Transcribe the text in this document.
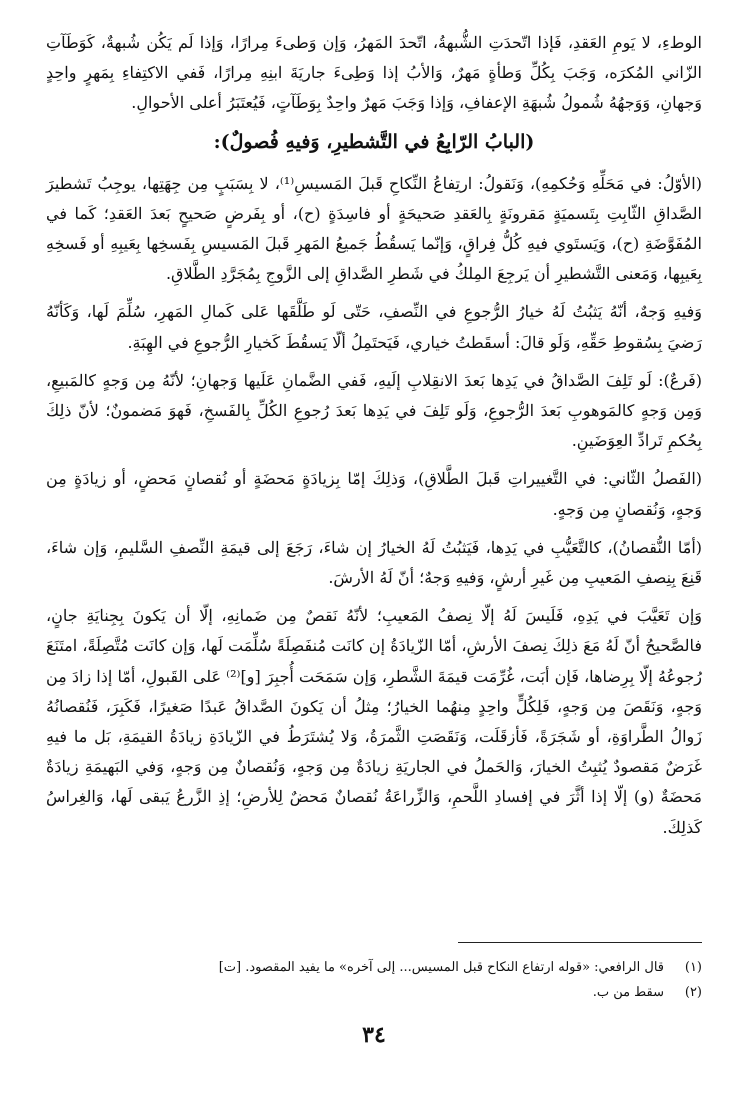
الوطءِ، لا يَومِ العَقدِ، فَإذا اتّحدَتِ الشُّبهةُ، اتّحدَ المَهرُ، وَإن وَطىءَ مِرارًا، وَإذا لَم يَكُن شُبهةٌ، كَوَطَآتِ الزّاني المُكرَه، وَجَبَ بِكُلِّ وَطأةٍ مَهرٌ، وَالأبُ إذا وَطِىءَ جاريَةَ ابنِهِ مِرارًا، فَفي الاكتِفاءِ بِمَهرٍ واحِدٍ وَجهانِ، وَوَجهُهُ شُمولُ شُبهَةِ الإعفافِ، وَإذا وَجَبَ مَهرٌ واحِدٌ بِوَطَآتٍ، فَيُعتَبَرُ أعلى الأحوالِ.

(البابُ الرّابِعُ في التَّشطيرِ، وَفيهِ فُصولٌ):

(الأوّلُ: في مَحَلِّهِ وَحُكمِهِ)، وَنَقولُ: ارتِفاعُ النِّكاحِ قَبلَ المَسيسِ⁽¹⁾، لا بِسَبَبٍ مِن جِهَتِها، يوجِبُ تَشطيرَ الصَّداقِ الثّابِتِ بِتَسميَةٍ مَقرونَةٍ بِالعَقدِ صَحيحَةٍ أو فاسِدَةٍ (ح)، أو بِفَرضٍ صَحيحٍ بَعدَ العَقدِ؛ كَما في المُفَوَّضَةِ (ح)، وَيَستَوي فيهِ كُلُّ فِراقٍ، وَإنّما يَسقُطُ جَميعُ المَهرِ قَبلَ المَسيسِ بِفَسخِها بِعَيبِهِ أو فَسخِهِ بِعَيبِها، وَمَعنى التَّشطيرِ أن يَرجِعَ المِلكُ في شَطرِ الصَّداقِ إلى الزَّوجِ بِمُجَرَّدِ الطَّلاقِ.

وَفيهِ وَجهٌ، أنّهُ يَثبُتُ لَهُ خيارُ الرُّجوعِ في النِّصفِ، حَتّى لَو طَلَّقَها عَلى كَمالِ المَهرِ، سُلِّمَ لَها، وَكَأنّهُ رَضيَ بِسُقوطِ حَقِّهِ، وَلَو قالَ: أسقَطتُ خياري، فَيَحتَمِلُ ألّا يَسقُطَ كَخيارِ الرُّجوعِ في الهِبَةِ.

(فَرعٌ): لَو تَلِفَ الصَّداقُ في يَدِها بَعدَ الانقِلابِ إلَيهِ، فَفي الضَّمانِ عَلَيها وَجهانِ؛ لأنّهُ مِن وَجهٍ كالمَبيعِ، وَمِن وَجهٍ كالمَوهوبِ بَعدَ الرُّجوعِ، وَلَو تَلِفَ في يَدِها بَعدَ رُجوعِ الكُلِّ بِالفَسخِ، فَهوَ مَضمونٌ؛ لأنّ ذلِكَ بِحُكمِ تَرادِّ العِوَضَينِ.

(الفَصلُ الثّاني: في التَّغييراتِ قَبلَ الطَّلاقِ)، وَذلِكَ إمّا بِزيادَةٍ مَحضَةٍ أو نُقصانٍ مَحضٍ، أو زيادَةٍ مِن وَجهٍ، وَنُقصانٍ مِن وَجهٍ.

(أمّا النُّقصانُ)، كالتَّعَيُّبِ في يَدِها، فَيَثبُتُ لَهُ الخيارُ إن شاءَ، رَجَعَ إلى قيمَةِ النِّصفِ السَّليمِ، وَإن شاءَ، قَنِعَ بِنِصفِ المَعيبِ مِن غَيرِ أرشٍ، وَفيهِ وَجهٌ؛ أنّ لَهُ الأرشَ.

وَإن تَعَيَّبَ في يَدِهِ، فَلَيسَ لَهُ إلّا نِصفُ المَعيبِ؛ لأنّهُ نَقصٌ مِن ضَمانِهِ، إلّا أن يَكونَ بِجِنايَةِ جانٍ، فالصَّحيحُ أنّ لَهُ مَعَ ذلِكَ نِصفَ الأرشِ، أمّا الزّيادَةُ إن كانَت مُنفَصِلَةً سُلِّمَت لَها، وَإن كانَت مُتَّصِلَةً، امتَنَعَ رُجوعُهُ إلّا بِرِضاها، فَإن أبَت، غُرِّمَت قيمَةَ الشَّطرِ، وَإن سَمَحَت أُجبِرَ [و]⁽²⁾ عَلى القَبولِ، أمّا إذا زادَ مِن وَجهٍ، وَنَقَصَ مِن وَجهٍ، فَلِكُلٍّ واحِدٍ مِنهُما الخيارُ؛ مِثلُ أن يَكونَ الصَّداقُ عَبدًا صَغيرًا، فَكَبِرَ، فَنُقصانُهُ زَوالُ الطَّراوَةِ، أو شَجَرَةً، فَأزقَلَت، وَنَقَصَتِ الثَّمرَةُ، وَلا يُشتَرَطُ في الزّيادَةِ زيادَةُ القيمَةِ، بَل ما فيهِ غَرَضٌ مَقصودٌ يُثبِتُ الخيارَ، وَالحَملُ في الجاريَةِ زيادَةٌ مِن وَجهٍ، وَنُقصانٌ مِن وَجهٍ، وَفي البَهيمَةِ زيادَةٌ مَحضَةٌ (و) إلّا إذا أثَّرَ في إفسادِ اللَّحمِ، وَالزِّراعَةُ نُقصانٌ مَحضٌ لِلأرضِ؛ إذِ الزَّرعُ يَبقى لَها، وَالغِراسُ كَذلِكَ.

(١)
قال الرافعي: «قوله ارتفاع النكاح قبل المسيس... إلى آخره» ما يفيد المقصود. [ت]

(٢)
سقط من ب.

٣٤
